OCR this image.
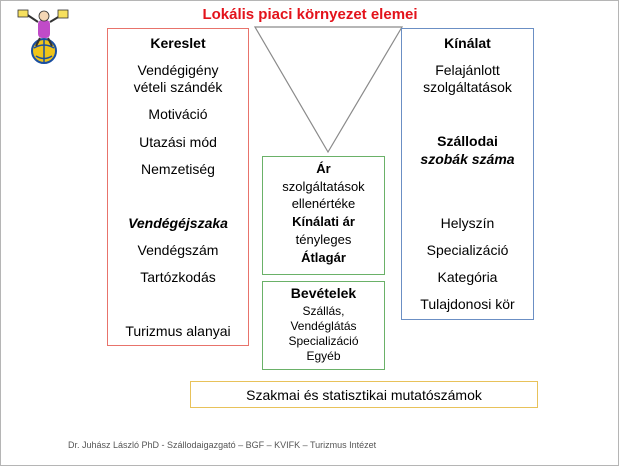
Lokális piaci környezet elemei
Kereslet
Vendégigény
vételi szándék
Motiváció
Utazási mód
Nemzetiség
Vendégéjszaka
Vendégszám
Tartózkodás
Turizmus alanyai
Kínálat
Felajánlott
szolgáltatások
Szállodai
szobák száma
Helyszín
Specializáció
Kategória
Tulajdonosi kör
Ár
szolgáltatások
ellenértéke
Kínálati ár
tényleges
Átlagár
Bevételek
Szállás,
Vendéglátás
Specializáció
Egyéb
Szakmai és statisztikai mutatószámok
Dr. Juhász László PhD - Szállodaigazgató – BGF – KVIFK – Turizmus Intézet
